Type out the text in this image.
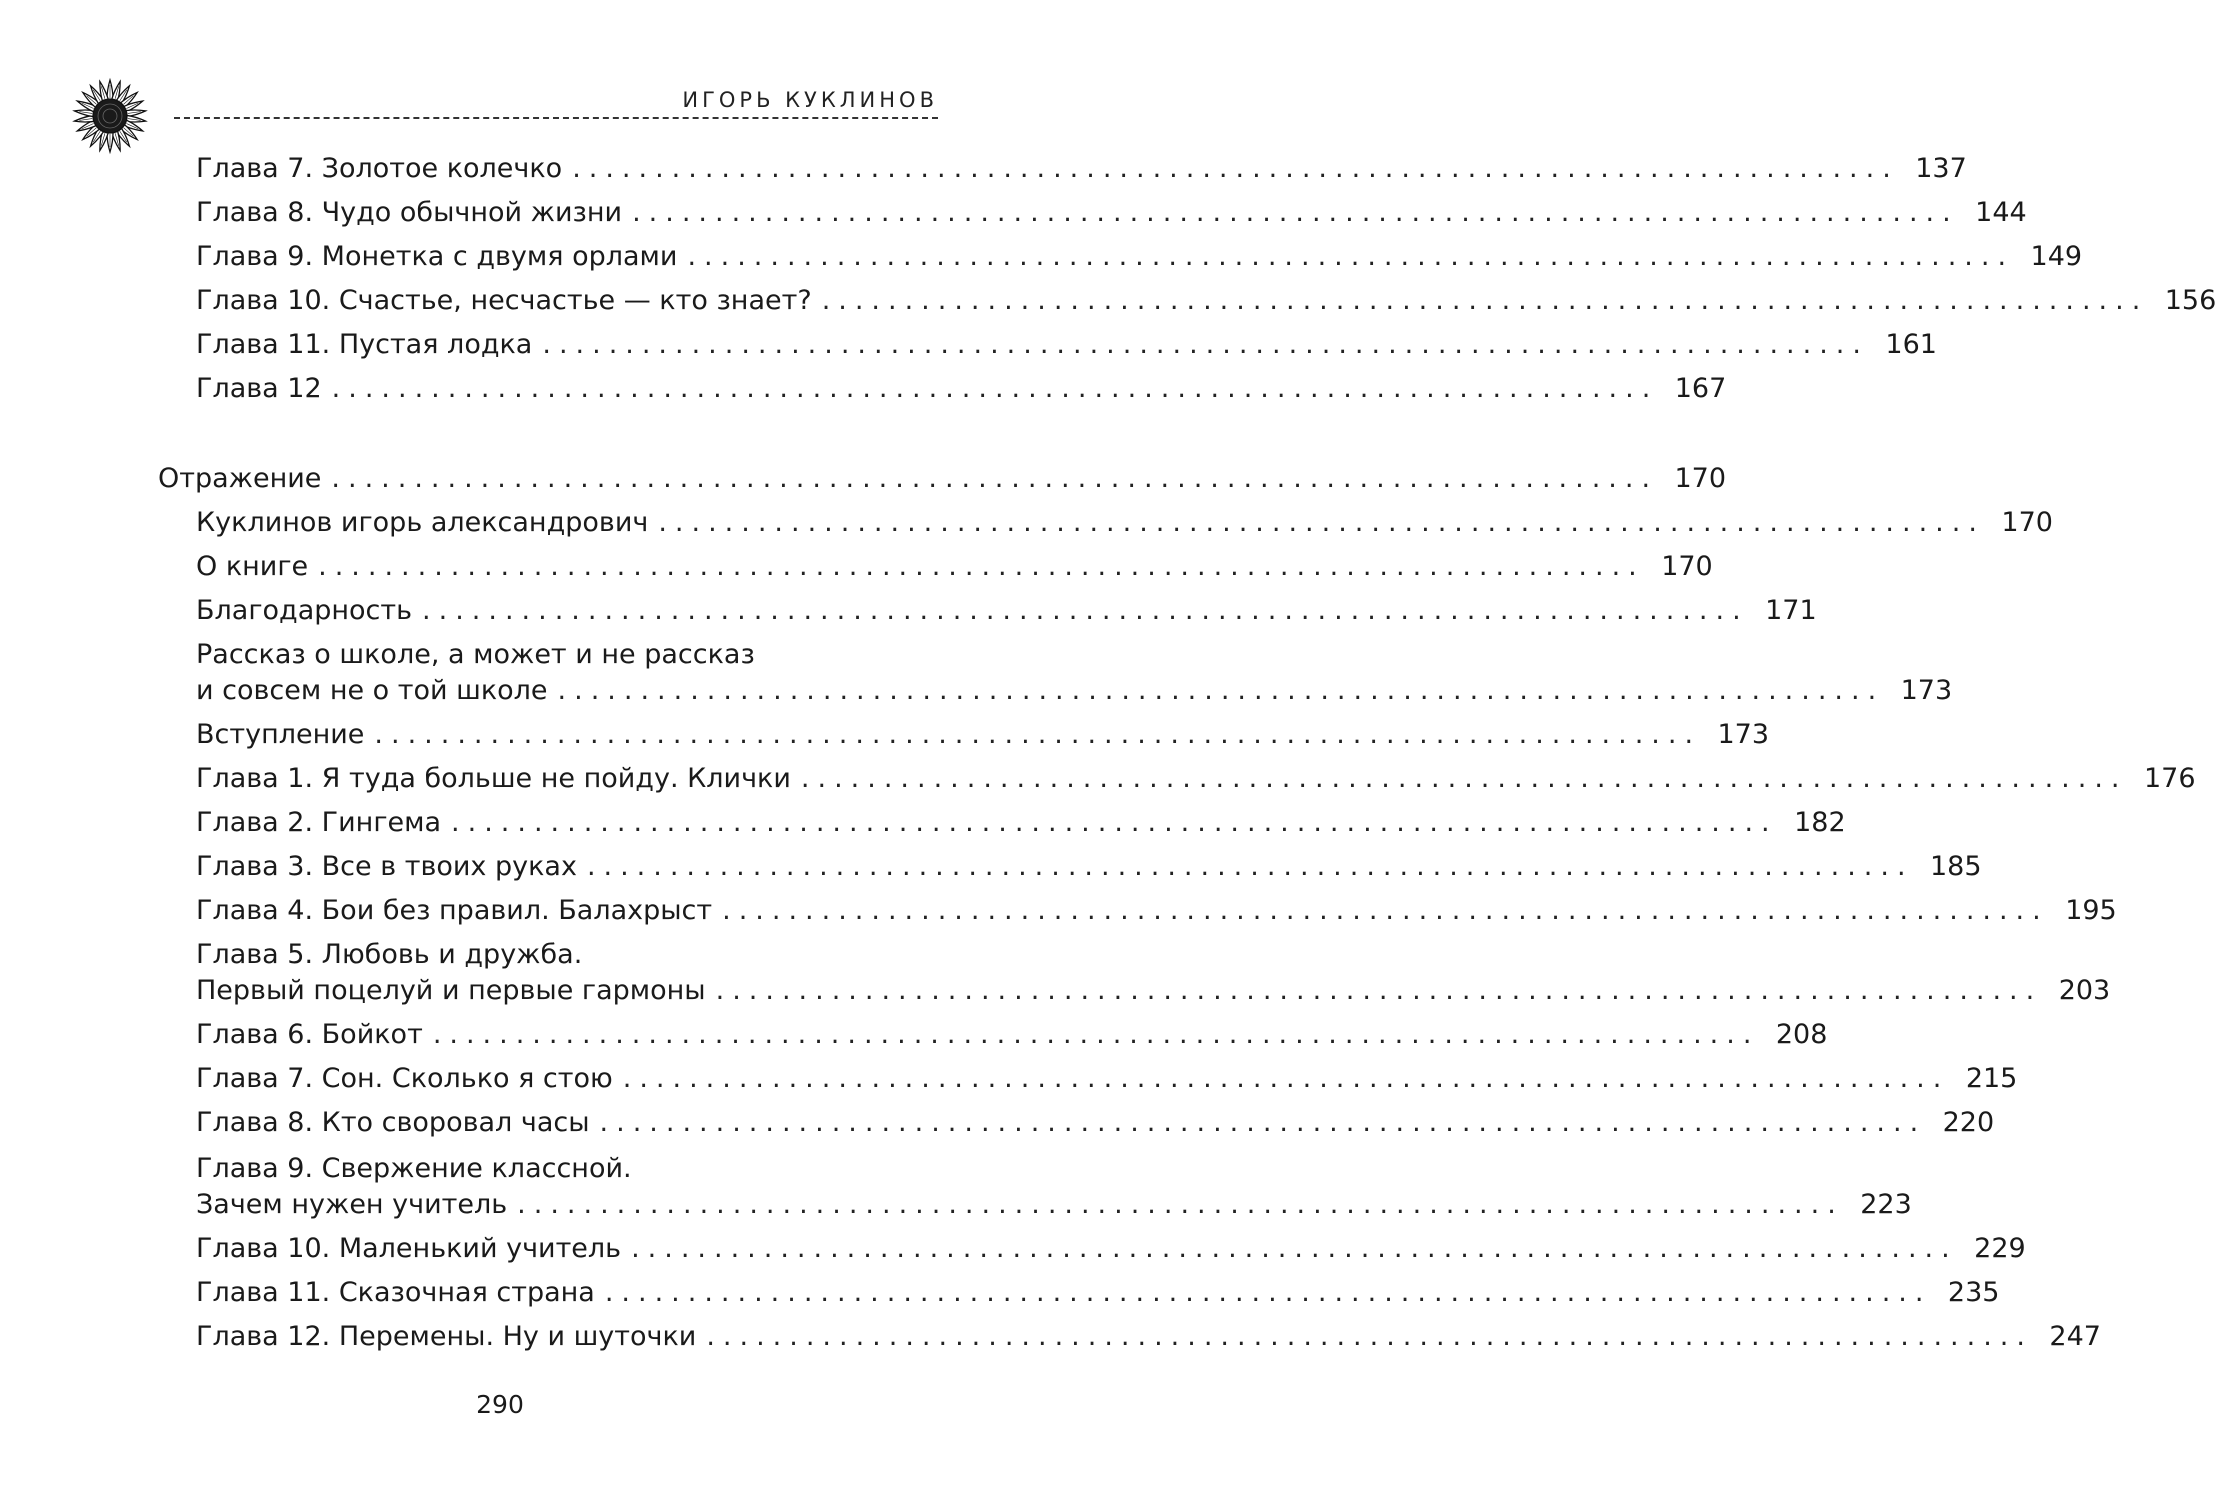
ИГОРЬ КУКЛИНОВ
Глава 7. Золотое колечко ................................................................................ 137
Глава 8. Чудо обычной жизни ................................................................................ 144
Глава 9. Монетка с двумя орлами ................................................................................ 149
Глава 10. Счастье, несчастье — кто знает? ................................................................................ 156
Глава 11. Пустая лодка ................................................................................ 161
Глава 12 ................................................................................ 167
Отражение ................................................................................ 170
Куклинов игорь александрович ................................................................................ 170
О книге ................................................................................ 170
Благодарность ................................................................................ 171
Рассказ о школе, а может и не рассказ
и совсем не о той школе ................................................................................ 173
Вступление ................................................................................ 173
Глава 1. Я туда больше не пойду. Клички ................................................................................ 176
Глава 2. Гингема ................................................................................ 182
Глава 3. Все в твоих руках ................................................................................ 185
Глава 4. Бои без правил. Балахрыст ................................................................................ 195
Глава 5. Любовь и дружба.
Первый поцелуй и первые гармоны ................................................................................ 203
Глава 6. Бойкот ................................................................................ 208
Глава 7. Сон. Сколько я стою ................................................................................ 215
Глава 8. Кто своровал часы ................................................................................ 220
Глава 9. Свержение классной.
Зачем нужен учитель ................................................................................ 223
Глава 10. Маленький учитель ................................................................................ 229
Глава 11. Сказочная страна ................................................................................ 235
Глава 12. Перемены. Ну и шуточки ................................................................................ 247
290
